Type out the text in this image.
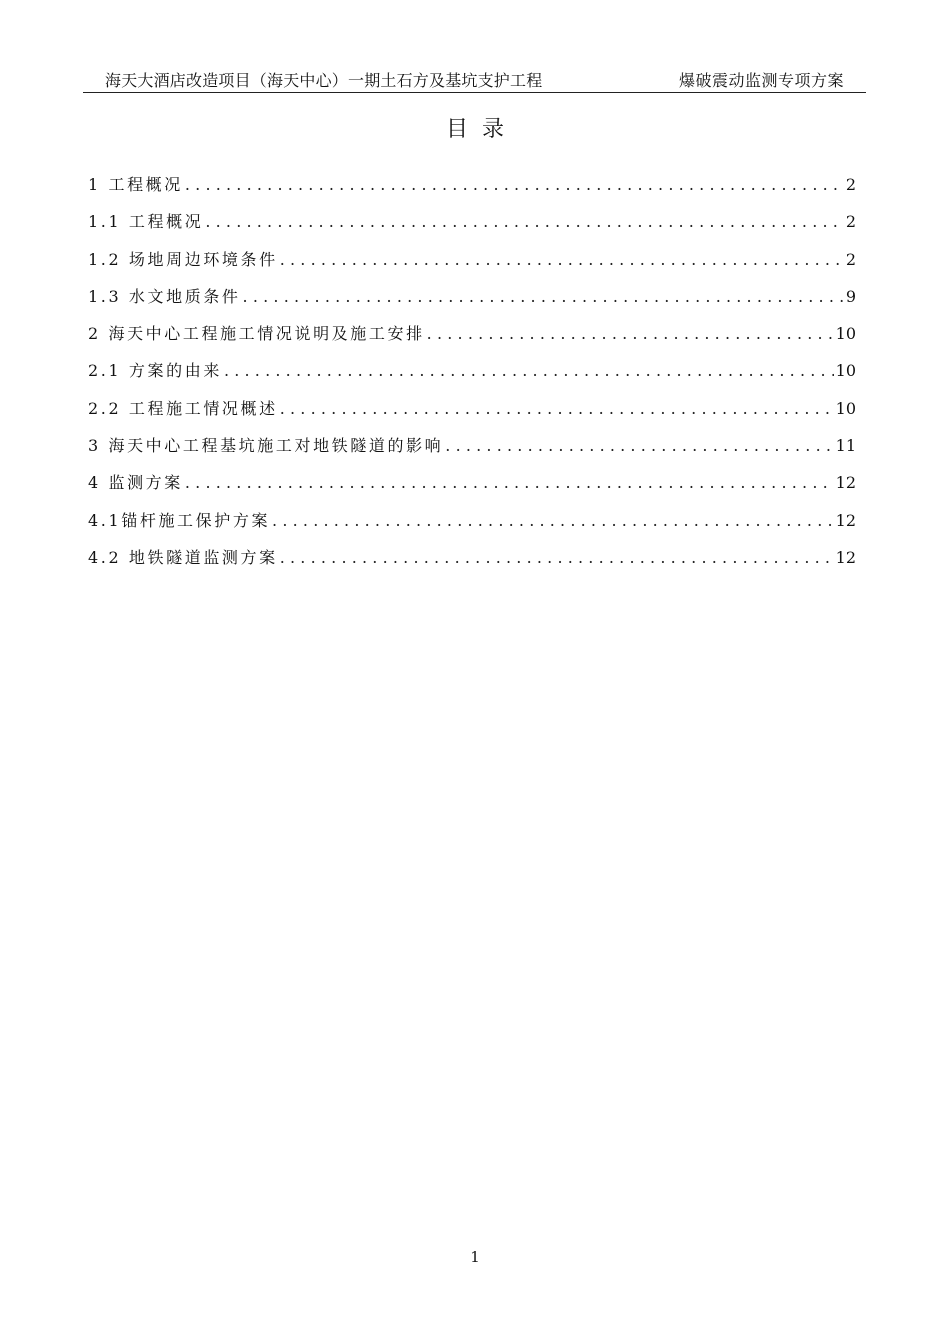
海天大酒店改造项目（海天中心）一期土石方及基坑支护工程	爆破震动监测专项方案
目录
1 工程概况 .....	2
1.1 工程概况 .....	2
1.2 场地周边环境条件 .....	2
1.3 水文地质条件 .....	9
2 海天中心工程施工情况说明及施工安排 .....	10
2.1 方案的由来 .....	10
2.2 工程施工情况概述 .....	10
3 海天中心工程基坑施工对地铁隧道的影响 .....	11
4 监测方案 .....	12
4.1锚杆施工保护方案 .....	12
4.2 地铁隧道监测方案 .....	12
1
